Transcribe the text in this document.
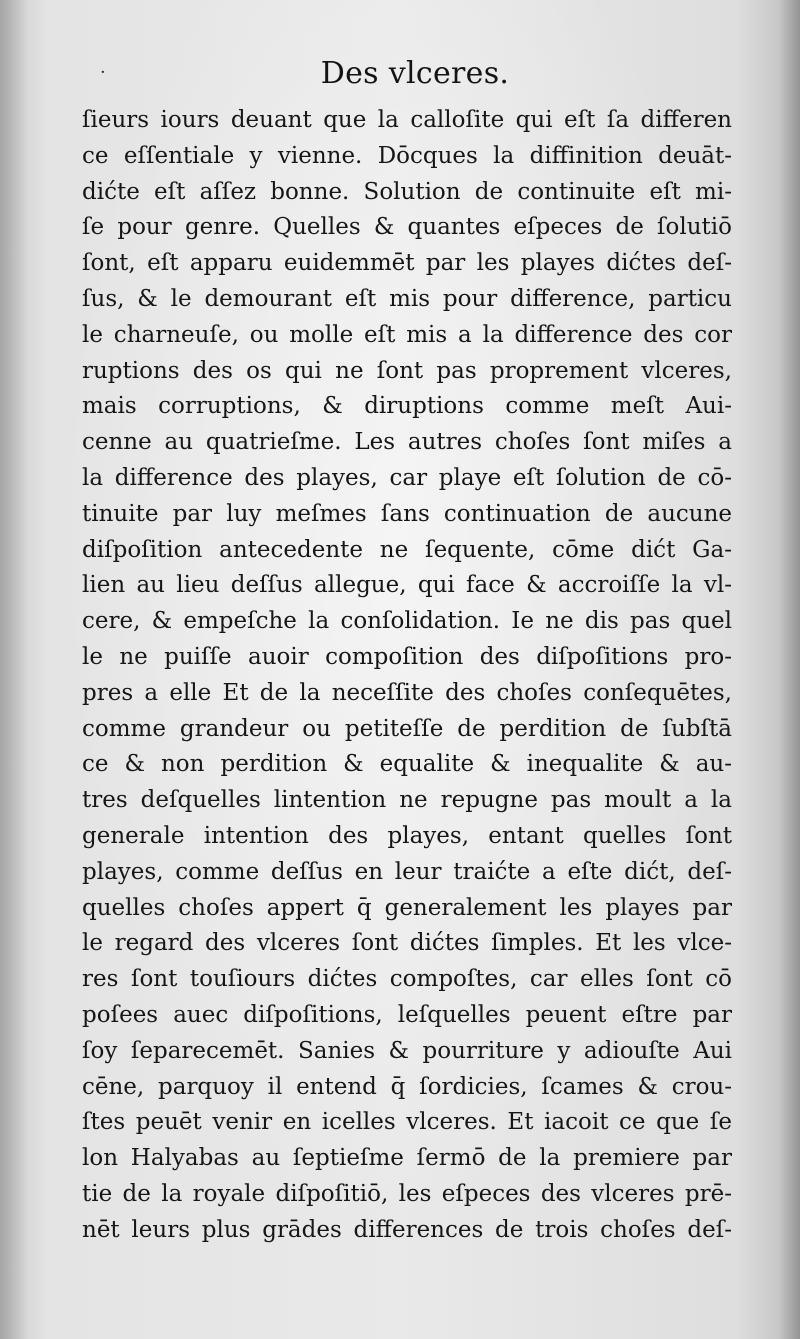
·	Des vlceres.
ſieurs iours deuant que la calloſite qui eſt ſa differen
ce eſſentiale y vienne. Dōcques la diffinition deuāt-
dićte eſt aſſez bonne. Solution de continuite eſt mi-
ſe pour genre. Quelles & quantes eſpeces de ſolutiō
ſont, eſt apparu euidemmēt par les playes dićtes deſ-
ſus, & le demourant eſt mis pour difference, particu
le charneuſe, ou molle eſt mis a la difference des cor
ruptions des os qui ne ſont pas proprement vlceres,
mais corruptions, & diruptions comme meſt Aui-
cenne au quatrieſme. Les autres choſes ſont miſes a
la difference des playes, car playe eſt ſolution de cō-
tinuite par luy meſmes ſans continuation de aucune
diſpoſition antecedente ne ſequente, cōme dićt Ga-
lien au lieu deſſus allegue, qui face & accroiſſe la vl-
cere, & empeſche la conſolidation. Ie ne dis pas quel
le ne puiſſe auoir compoſition des diſpoſitions pro-
pres a elle Et de la neceſſite des choſes conſequētes,
comme grandeur ou petiteſſe de perdition de ſubſtā
ce & non perdition & equalite & inequalite & au-
tres deſquelles lintention ne repugne pas moult a la
generale intention des playes, entant quelles ſont
playes, comme deſſus en leur traićte a eſte dićt, deſ-
quelles choſes appert q̄ generalement les playes par
le regard des vlceres ſont dićtes ſimples. Et les vlce-
res ſont touſiours dićtes compoſtes, car elles ſont cō
poſees auec diſpoſitions, leſquelles peuent eſtre par
ſoy ſeparecemēt. Sanies & pourriture y adiouſte Aui
cēne, parquoy il entend q̄ ſordicies, ſcames & crou-
ſtes peuēt venir en icelles vlceres. Et iacoit ce que ſe
lon Halyabas au ſeptieſme ſermō de la premiere par
tie de la royale diſpoſitiō, les eſpeces des vlceres prē-
nēt leurs plus grādes differences de trois choſes deſ-
